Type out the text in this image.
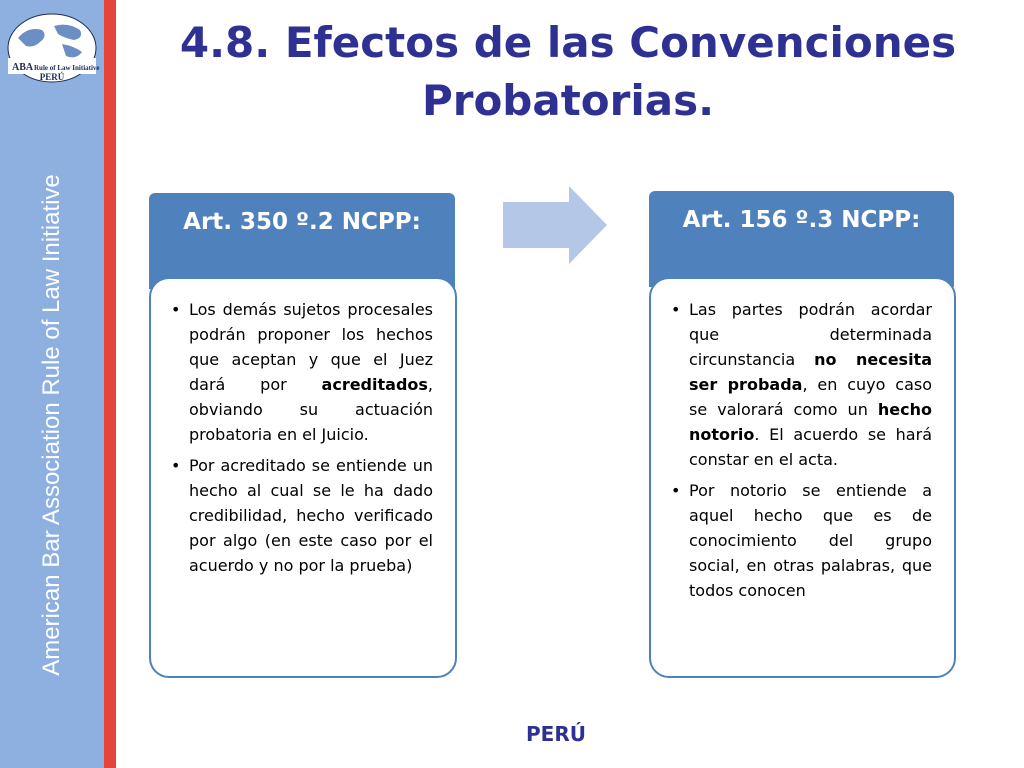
ABA Rule of Law Initiative
PERÚ
American Bar Association Rule of Law Initiative
4.8. Efectos de las Convenciones
Probatorias.
Art. 350 º.2 NCPP:
• Los demás sujetos procesales podrán proponer los hechos que aceptan y que el Juez dará por acreditados, obviando su actuación probatoria en el Juicio.
• Por acreditado se entiende un hecho al cual se le ha dado credibilidad, hecho verificado por algo (en este caso por el acuerdo y no por la prueba)
Art. 156 º.3 NCPP:
• Las partes podrán acordar que determinada circunstancia no necesita ser probada, en cuyo caso se valorará como un hecho notorio. El acuerdo se hará constar en el acta.
• Por notorio se entiende a aquel hecho que es de conocimiento del grupo social, en otras palabras, que todos conocen
PERÚ
